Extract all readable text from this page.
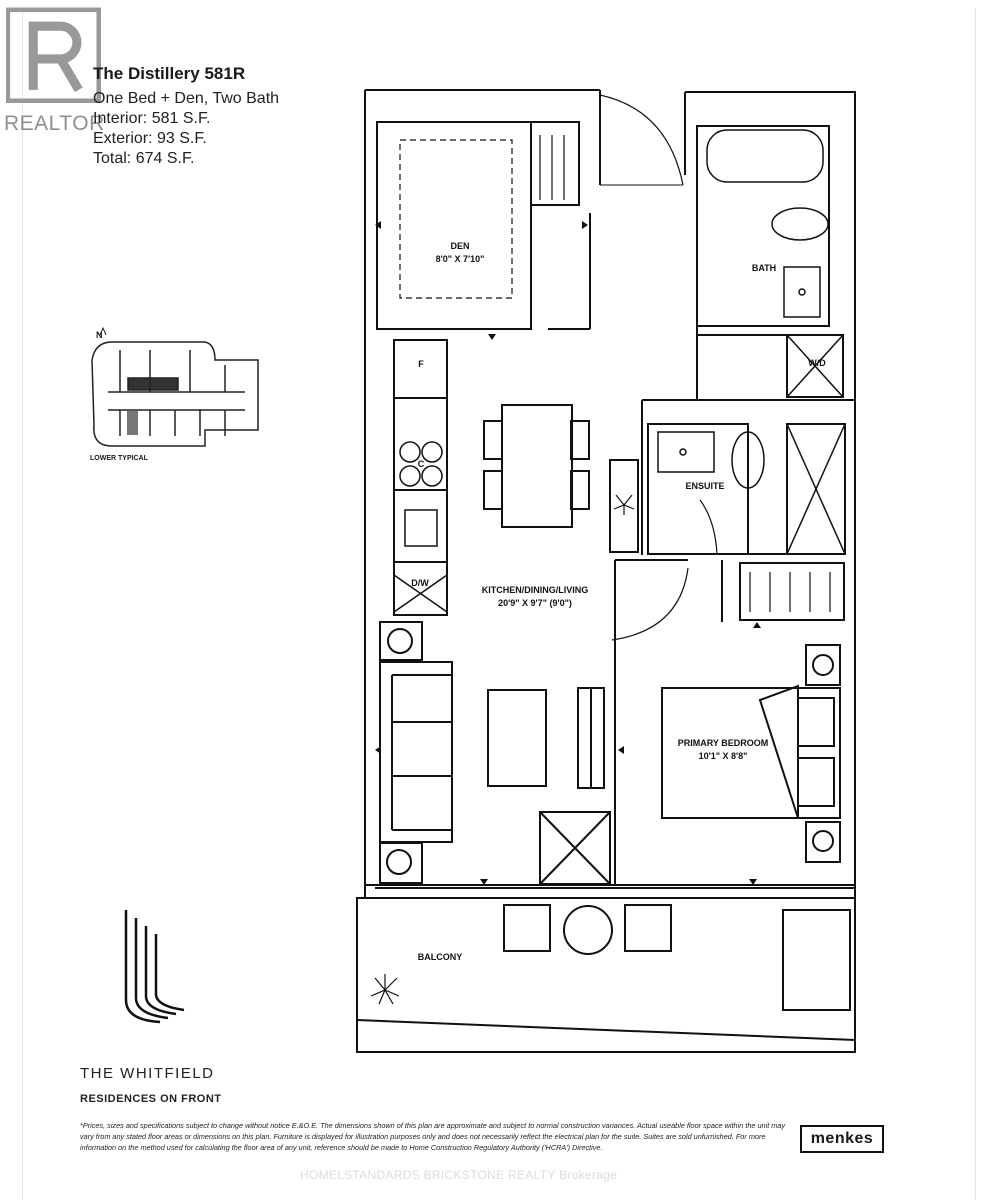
REALTOR
The Distillery 581R
One Bed + Den, Two Bath
Interior: 581 S.F.
Exterior: 93 S.F.
Total: 674 S.F.
N
LOWER TYPICAL
DEN
8'0" X 7'10"
BATH
W/D
F
C
D/W
ENSUITE
KITCHEN/DINING/LIVING
20'9" X 9'7" (9'0")
PRIMARY BEDROOM
10'1" X 8'8"
BALCONY
THE WHITFIELD
RESIDENCES ON FRONT
*Prices, sizes and specifications subject to change without notice E.&O.E. The dimensions shown of this plan are approximate and subject to normal construction variances. Actual useable floor space within the unit may vary from any stated floor areas or dimensions on this plan. Furniture is displayed for illustration purposes only and does not necessarily reflect the electrical plan for the suite. Suites are sold unfurnished. For more information on the method used for calculating the floor area of any unit, reference should be made to Home Construction Regulatory Authority ('HCRA') Directive.
menkes
HOMELSTANDARDS BRICKSTONE REALTY Brokerage
